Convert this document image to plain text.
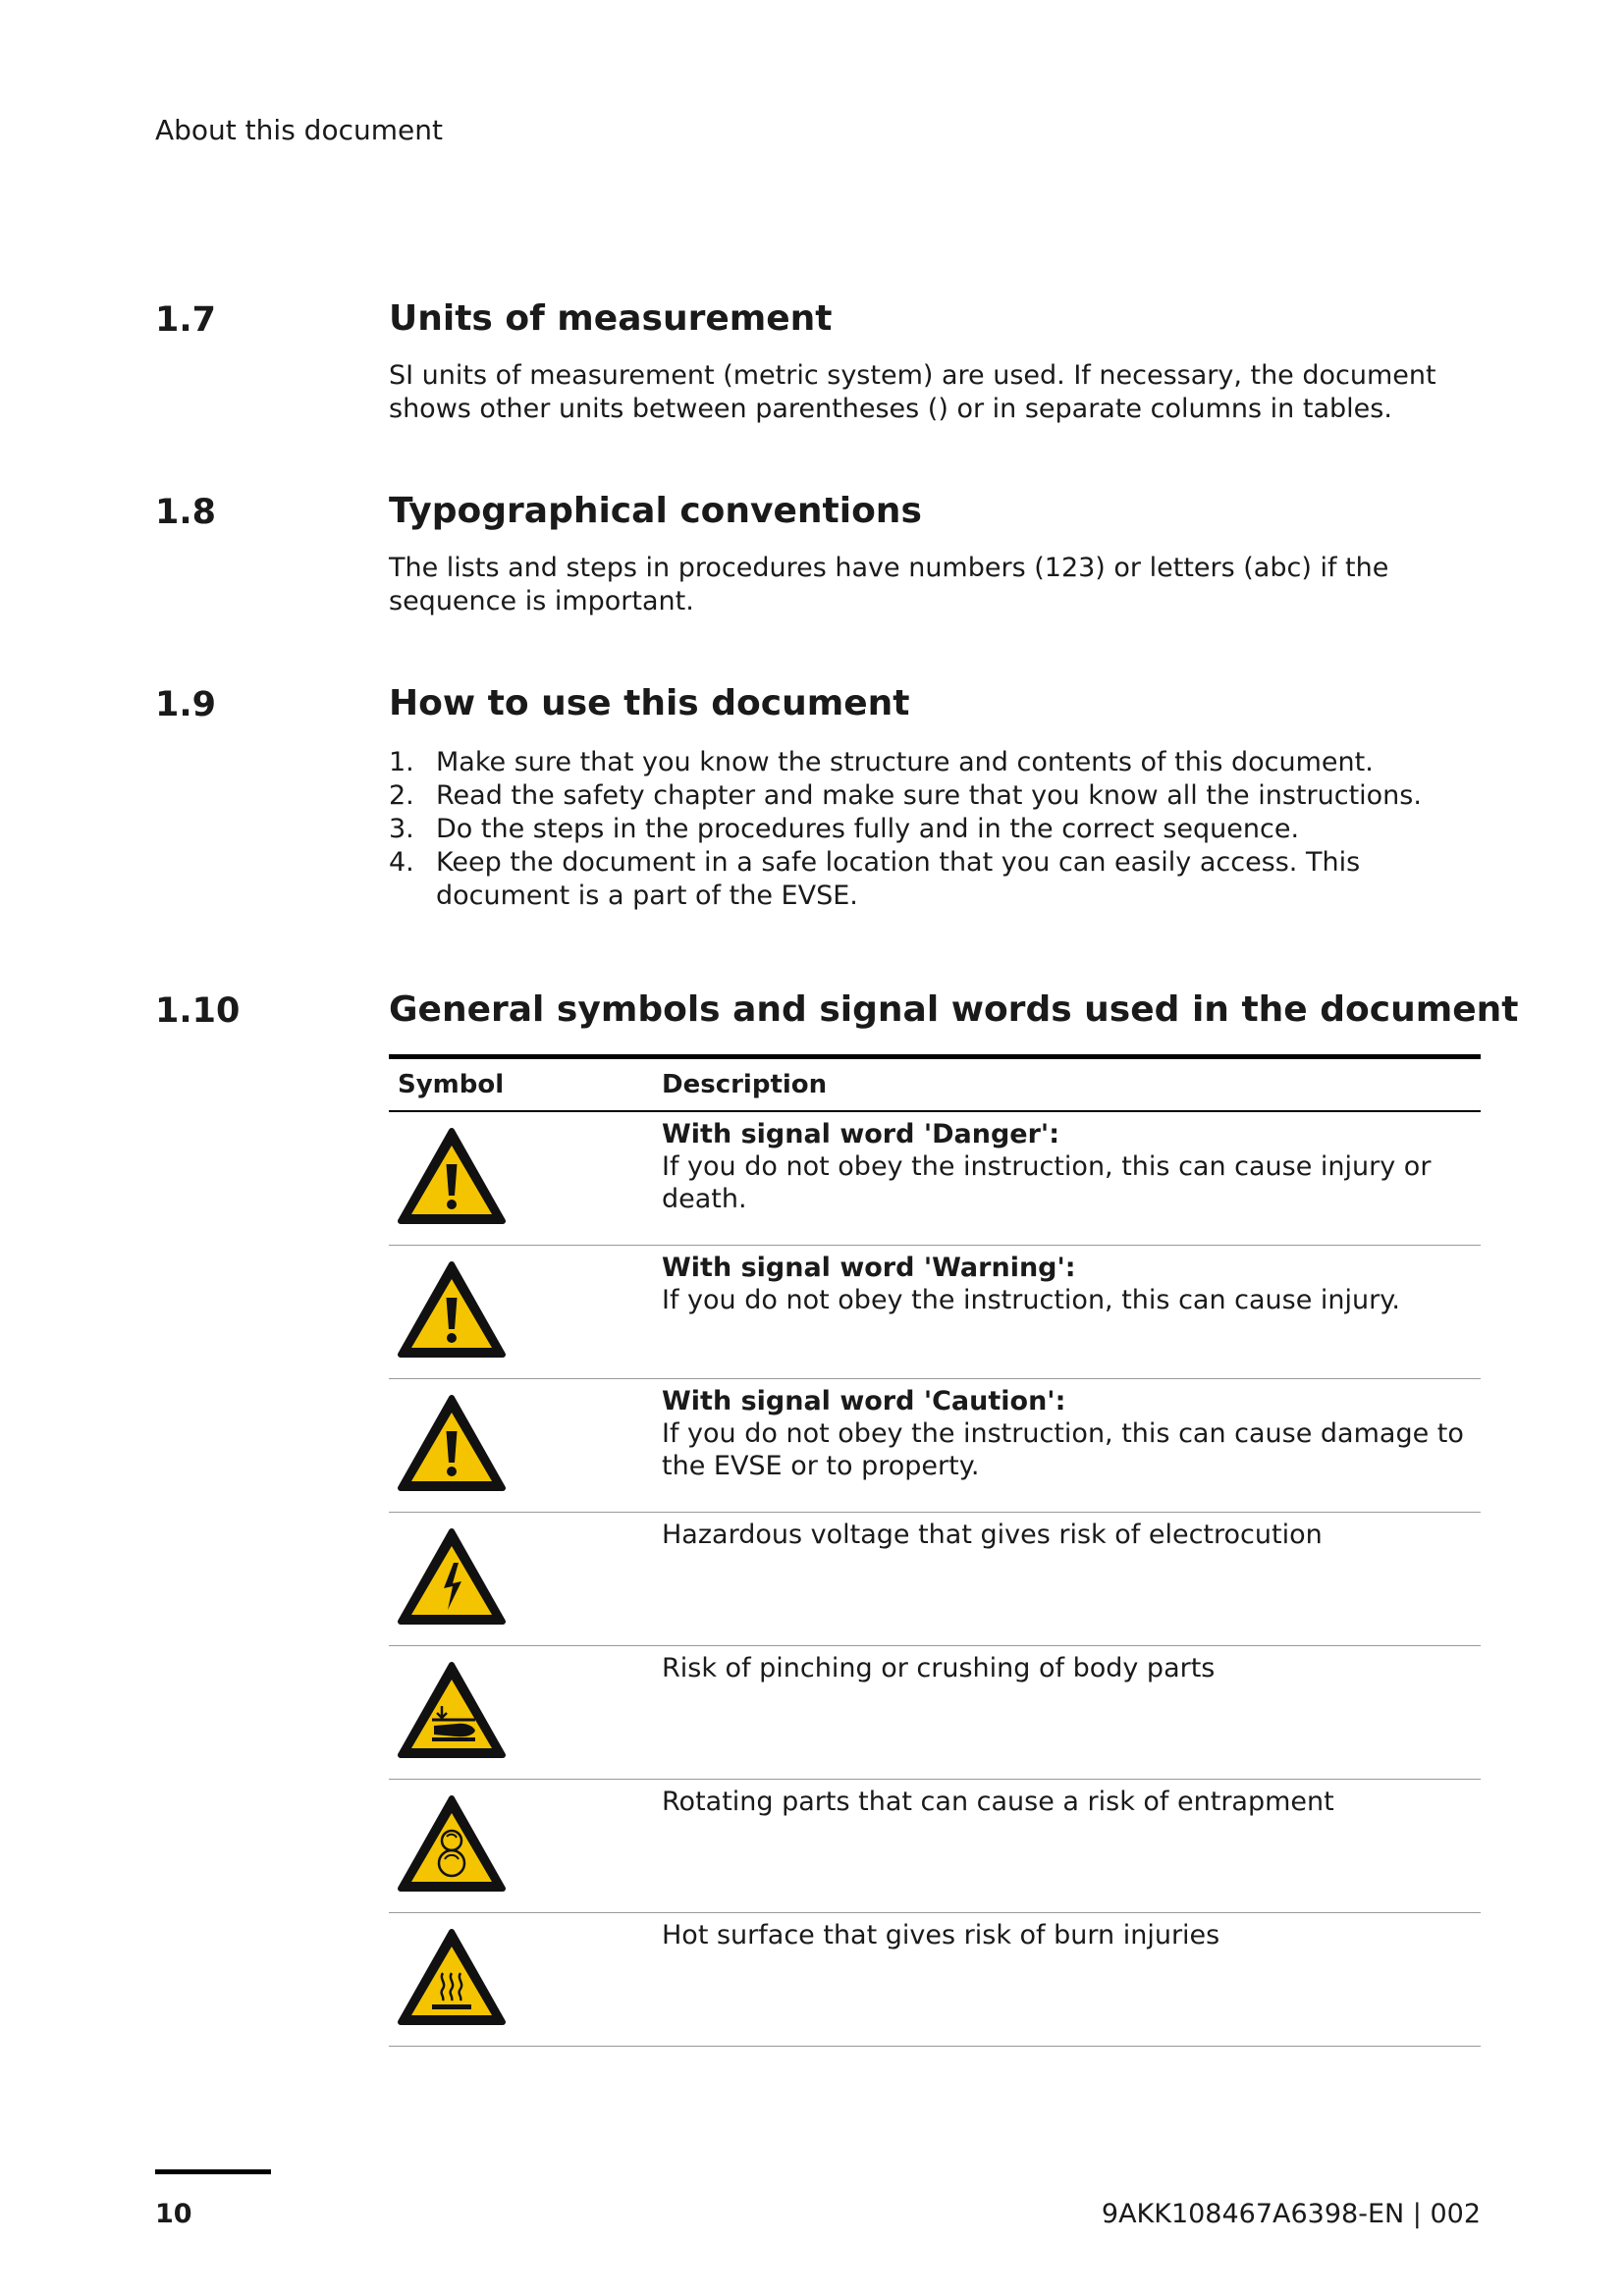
About this document
1.7	Units of measurement

SI units of measurement (metric system) are used. If necessary, the document shows other units between parentheses () or in separate columns in tables.

1.8	Typographical conventions

The lists and steps in procedures have numbers (123) or letters (abc) if the sequence is important.

1.9	How to use this document
1. Make sure that you know the structure and contents of this document.
2. Read the safety chapter and make sure that you know all the instructions.
3. Do the steps in the procedures fully and in the correct sequence.
4. Keep the document in a safe location that you can easily access. This document is a part of the EVSE.
1.10	General symbols and signal words used in the document
Symbol	Description
With signal word 'Danger':
If you do not obey the instruction, this can cause injury or death.
With signal word 'Warning':
If you do not obey the instruction, this can cause injury.
With signal word 'Caution':
If you do not obey the instruction, this can cause damage to the EVSE or to property.
Hazardous voltage that gives risk of electrocution
Risk of pinching or crushing of body parts
Rotating parts that can cause a risk of entrapment
Hot surface that gives risk of burn injuries
10	9AKK108467A6398-EN | 002
